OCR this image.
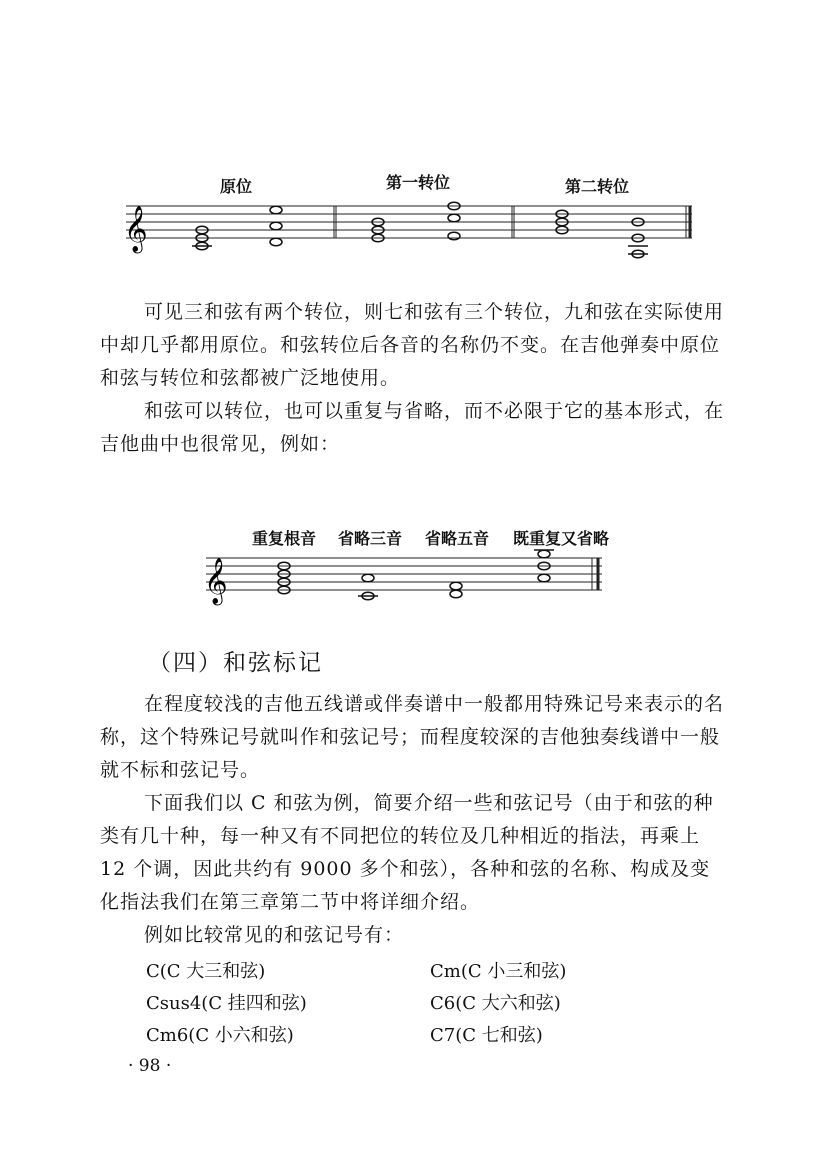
原位	第一转位	第二转位
𝄞

可见三和弦有两个转位，则七和弦有三个转位，九和弦在实际使用中却几乎都用原位。和弦转位后各音的名称仍不变。在吉他弹奏中原位和弦与转位和弦都被广泛地使用。

和弦可以转位，也可以重复与省略，而不必限于它的基本形式，在吉他曲中也很常见，例如：

重复根音 省略三音 省略五音 既重复又省略
𝄞
（四）和弦标记

在程度较浅的吉他五线谱或伴奏谱中一般都用特殊记号来表示的名称，这个特殊记号就叫作和弦记号；而程度较深的吉他独奏线谱中一般就不标和弦记号。

下面我们以 C 和弦为例，简要介绍一些和弦记号（由于和弦的种类有几十种，每一种又有不同把位的转位及几种相近的指法，再乘上 12 个调，因此共约有 9000 多个和弦），各种和弦的名称、构成及变化指法我们在第三章第二节中将详细介绍。

例如比较常见的和弦记号有：

C(C 大三和弦)	Cm(C 小三和弦)
Csus4(C 挂四和弦)	C6(C 大六和弦)
Cm6(C 小六和弦)	C7(C 七和弦)
· 98 ·
